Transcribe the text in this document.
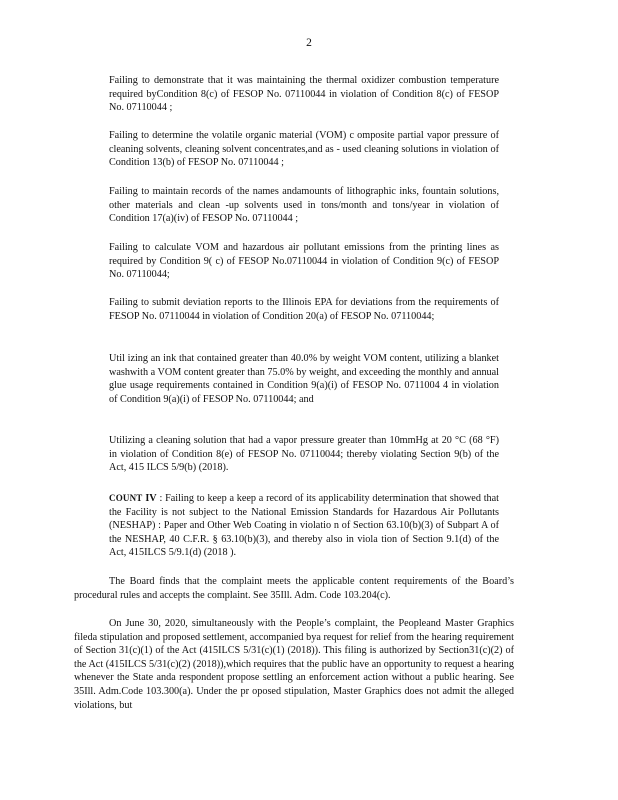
2
Failing to demonstrate that it was maintaining the thermal oxidizer combustion temperature required byCondition 8(c) of FESOP No. 07110044 in violation of Condition 8(c) of FESOP No. 07110044 ;
Failing to determine the volatile organic material (VOM) c omposite partial vapor pressure of cleaning solvents, cleaning solvent concentrates,and as - used cleaning solutions in violation of Condition 13(b) of FESOP No. 07110044 ;
Failing to maintain records of the names andamounts of lithographic inks, fountain solutions, other materials and clean -up solvents used in tons/month and tons/year in violation of Condition 17(a)(iv) of FESOP No. 07110044 ;
Failing to calculate VOM and hazardous air pollutant emissions from the printing lines as required by Condition 9( c) of FESOP No.07110044 in violation of Condition 9(c) of FESOP No. 07110044;
Failing to submit deviation reports to the Illinois EPA for deviations from the requirements of FESOP No. 07110044 in violation of Condition 20(a) of FESOP No. 07110044;
Util izing an ink that contained greater than 40.0% by weight VOM content, utilizing a blanket washwith a VOM content greater than 75.0% by weight, and exceeding the monthly and annual glue usage requirements contained in Condition 9(a)(i) of FESOP No. 0711004 4 in violation of Condition 9(a)(i) of FESOP No. 07110044; and
Utilizing a cleaning solution that had a vapor pressure greater than 10mmHg at 20 °C (68 °F) in violation of Condition 8(e) of FESOP No. 07110044; thereby violating Section 9(b) of the Act, 415 ILCS 5/9(b) (2018).
COUNT IV : Failing to keep a keep a record of its applicability determination that showed that the Facility is not subject to the National Emission Standards for Hazardous Air Pollutants (NESHAP) : Paper and Other Web Coating in violatio n of Section 63.10(b)(3) of Subpart A of the NESHAP, 40 C.F.R. § 63.10(b)(3), and thereby also in viola tion of Section 9.1(d) of the Act, 415ILCS 5/9.1(d) (2018 ).
The Board finds that the complaint meets the applicable content requirements of the Board’s procedural rules and accepts the complaint. See 35Ill. Adm. Code 103.204(c).
On June 30, 2020, simultaneously with the People’s complaint, the Peopleand Master Graphics fileda stipulation and proposed settlement, accompanied bya request for relief from the hearing requirement of Section 31(c)(1) of the Act (415ILCS 5/31(c)(1) (2018)). This filing is authorized by Section31(c)(2) of the Act (415ILCS 5/31(c)(2) (2018)),which requires that the public have an opportunity to request a hearing whenever the State anda respondent propose settling an enforcement action without a public hearing. See 35Ill. Adm.Code 103.300(a). Under the pr oposed stipulation, Master Graphics does not admit the alleged violations, but
